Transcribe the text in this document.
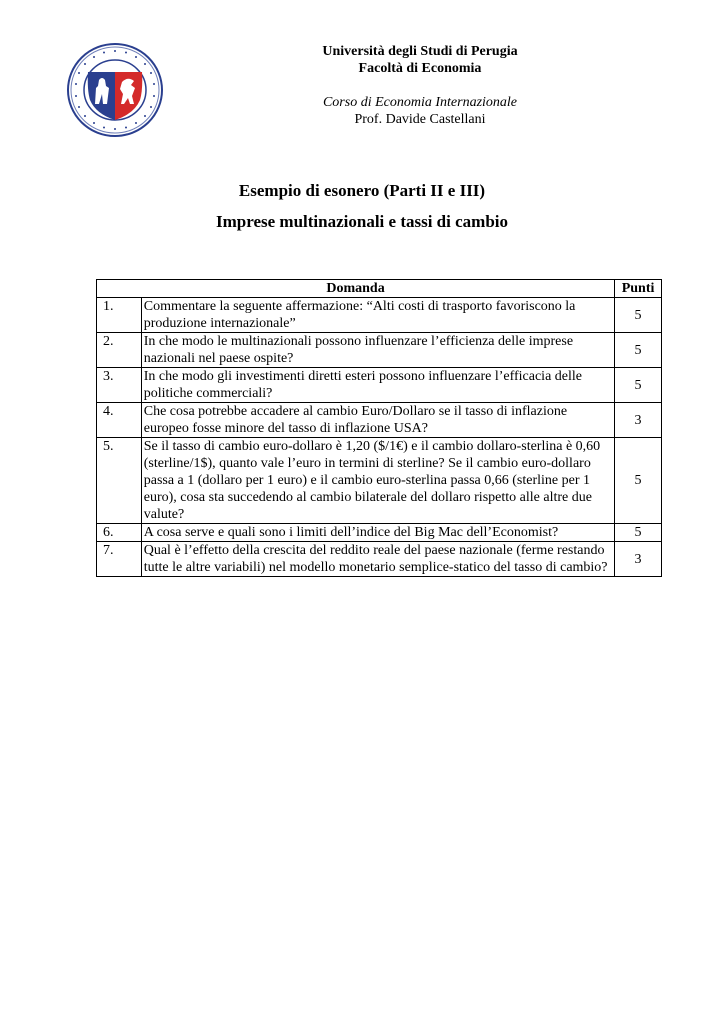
Università degli Studi di Perugia
Facoltà di Economia
Corso di Economia Internazionale
Prof. Davide Castellani
Esempio di esonero (Parti II e III)
Imprese multinazionali e tassi di cambio
Domanda		Punti
1.	Commentare la seguente affermazione: “Alti costi di trasporto favoriscono la produzione internazionale”	5
2.	In che modo le multinazionali possono influenzare l’efficienza delle imprese nazionali nel paese ospite?	5
3.	In che modo gli investimenti diretti esteri possono influenzare l’efficacia delle politiche commerciali?	5
4.	Che cosa potrebbe accadere al cambio Euro/Dollaro se il tasso di inflazione europeo fosse minore del tasso di inflazione USA?	3
5.	Se il tasso di cambio euro-dollaro è 1,20 ($/1€) e il cambio dollaro-sterlina è 0,60 (sterline/1$), quanto vale l’euro in termini di sterline? Se il cambio euro-dollaro passa a 1 (dollaro per 1 euro) e il cambio euro-sterlina passa 0,66 (sterline per 1 euro), cosa sta succedendo al cambio bilaterale del dollaro rispetto alle altre due valute?	5
6.	A cosa serve e quali sono i limiti dell’indice del Big Mac dell’Economist?	5
7.	Qual è l’effetto della crescita del reddito reale del paese nazionale (ferme restando tutte le altre variabili) nel modello monetario semplice-statico del tasso di cambio?	3
